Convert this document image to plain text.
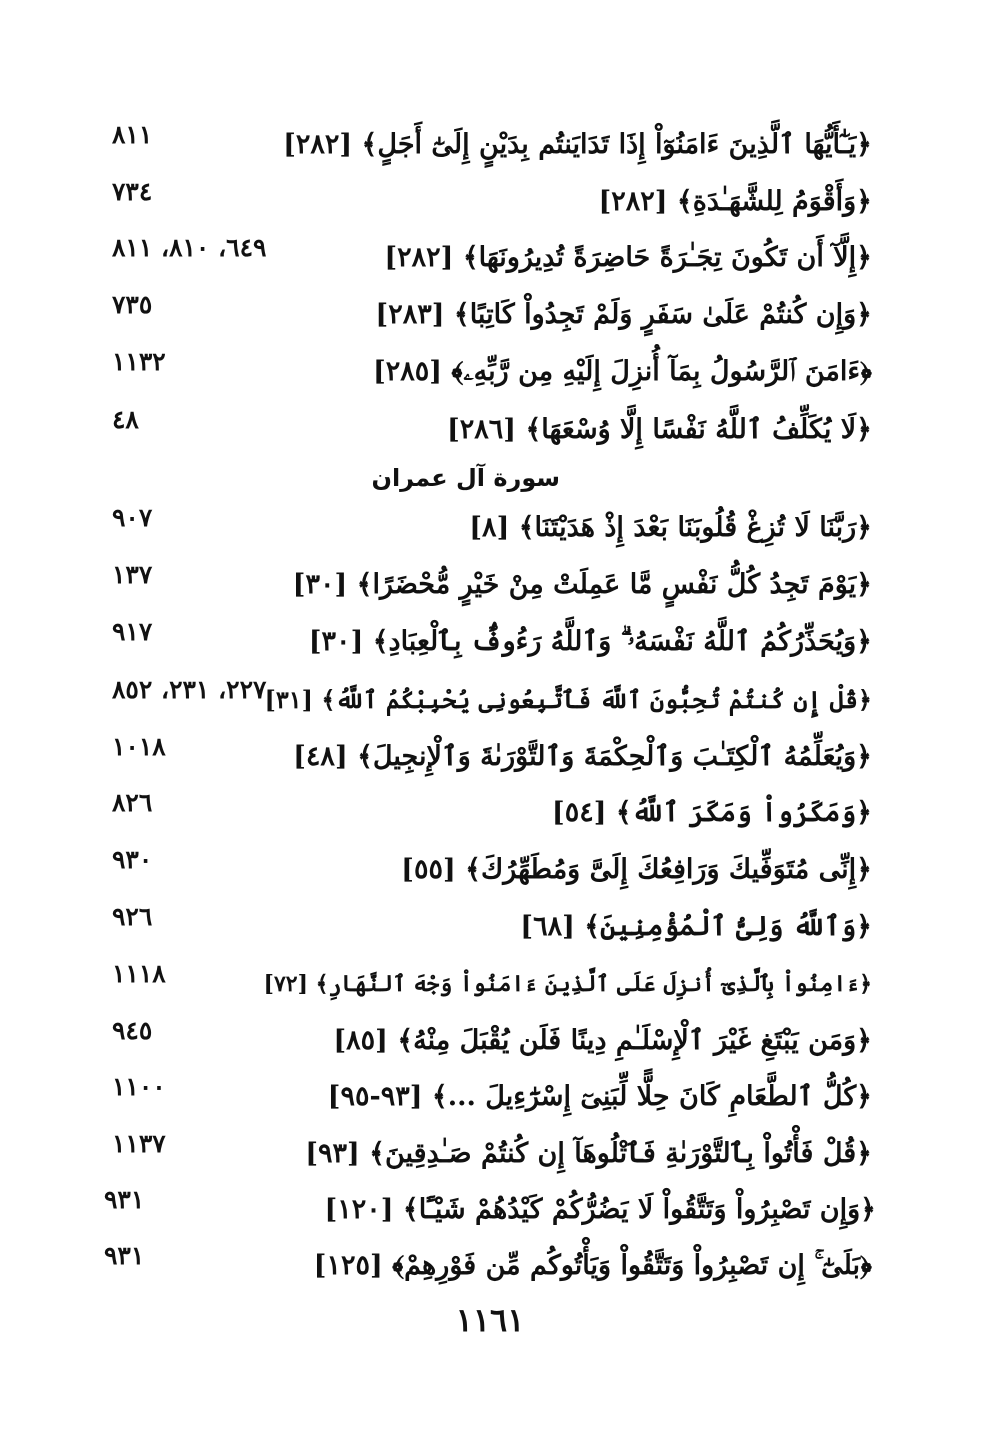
﴿يَـٰٓأَيُّهَا ٱلَّذِينَ ءَامَنُوٓاْ إِذَا تَدَايَنتُم بِدَيْنٍ إِلَىٰٓ أَجَلٍ﴾ [٢٨٢]
٨١١
﴿وَأَقْوَمُ لِلشَّهَـٰدَةِ﴾ [٢٨٢]
٧٣٤
﴿إِلَّآ أَن تَكُونَ تِجَـٰرَةً حَاضِرَةً تُدِيرُونَهَا﴾ [٢٨٢]
٦٤٩، ٨١٠، ٨١١
﴿وَإِن كُنتُمْ عَلَىٰ سَفَرٍ وَلَمْ تَجِدُواْ كَاتِبًا﴾ [٢٨٣]
٧٣٥
﴿ءَامَنَ ٱلرَّسُولُ بِمَآ أُنزِلَ إِلَيْهِ مِن رَّبِّهِۦ﴾ [٢٨٥]
١١٣٢
﴿لَا يُكَلِّفُ ٱللَّهُ نَفْسًا إِلَّا وُسْعَهَا﴾ [٢٨٦]
٤٨
سورة آل عمران
﴿رَبَّنَا لَا تُزِغْ قُلُوبَنَا بَعْدَ إِذْ هَدَيْتَنَا﴾ [٨]
٩٠٧
﴿يَوْمَ تَجِدُ كُلُّ نَفْسٍ مَّا عَمِلَتْ مِنْ خَيْرٍ مُّحْضَرًا﴾ [٣٠]
١٣٧
﴿وَيُحَذِّرُكُمُ ٱللَّهُ نَفْسَهُۥ ۗ وَٱللَّهُ رَءُوفٌۢ بِٱلْعِبَادِ﴾ [٣٠]
٩١٧
﴿قُلْ إِن كُنتُمْ تُحِبُّونَ ٱللَّهَ فَٱتَّبِعُونِى يُحْبِبْكُمُ ٱللَّهُ﴾ [٣١]
٢٢٧، ٢٣١، ٨٥٢
﴿وَيُعَلِّمُهُ ٱلْكِتَـٰبَ وَٱلْحِكْمَةَ وَٱلتَّوْرَىٰةَ وَٱلْإِنجِيلَ﴾ [٤٨]
١٠١٨
﴿وَمَكَرُواْ وَمَكَرَ ٱللَّهُ﴾ [٥٤]
٨٢٦
﴿إِنِّى مُتَوَفِّيكَ وَرَافِعُكَ إِلَىَّ وَمُطَهِّرُكَ﴾ [٥٥]
٩٣٠
﴿وَٱللَّهُ وَلِىُّ ٱلْمُؤْمِنِينَ﴾ [٦٨]
٩٢٦
﴿ءَامِنُواْ بِٱلَّذِىٓ أُنزِلَ عَلَى ٱلَّذِينَ ءَامَنُواْ وَجْهَ ٱلنَّهَارِ﴾ [٧٢]
١١١٨
﴿وَمَن يَبْتَغِ غَيْرَ ٱلْإِسْلَـٰمِ دِينًا فَلَن يُقْبَلَ مِنْهُ﴾ [٨٥]
٩٤٥
﴿كُلُّ ٱلطَّعَامِ كَانَ حِلًّا لِّبَنِىٓ إِسْرَٰٓءِيلَ ...﴾ [٩٣-٩٥]
١١٠٠
﴿قُلْ فَأْتُواْ بِٱلتَّوْرَىٰةِ فَٱتْلُوهَآ إِن كُنتُمْ صَـٰدِقِينَ﴾ [٩٣]
١١٣٧
﴿وَإِن تَصْبِرُواْ وَتَتَّقُواْ لَا يَضُرُّكُمْ كَيْدُهُمْ شَيْـًٔا﴾ [١٢٠]
٩٣١
﴿بَلَىٰٓ ۚ إِن تَصْبِرُواْ وَتَتَّقُواْ وَيَأْتُوكُم مِّن فَوْرِهِمْ﴾ [١٢٥]
٩٣١
١١٦١
